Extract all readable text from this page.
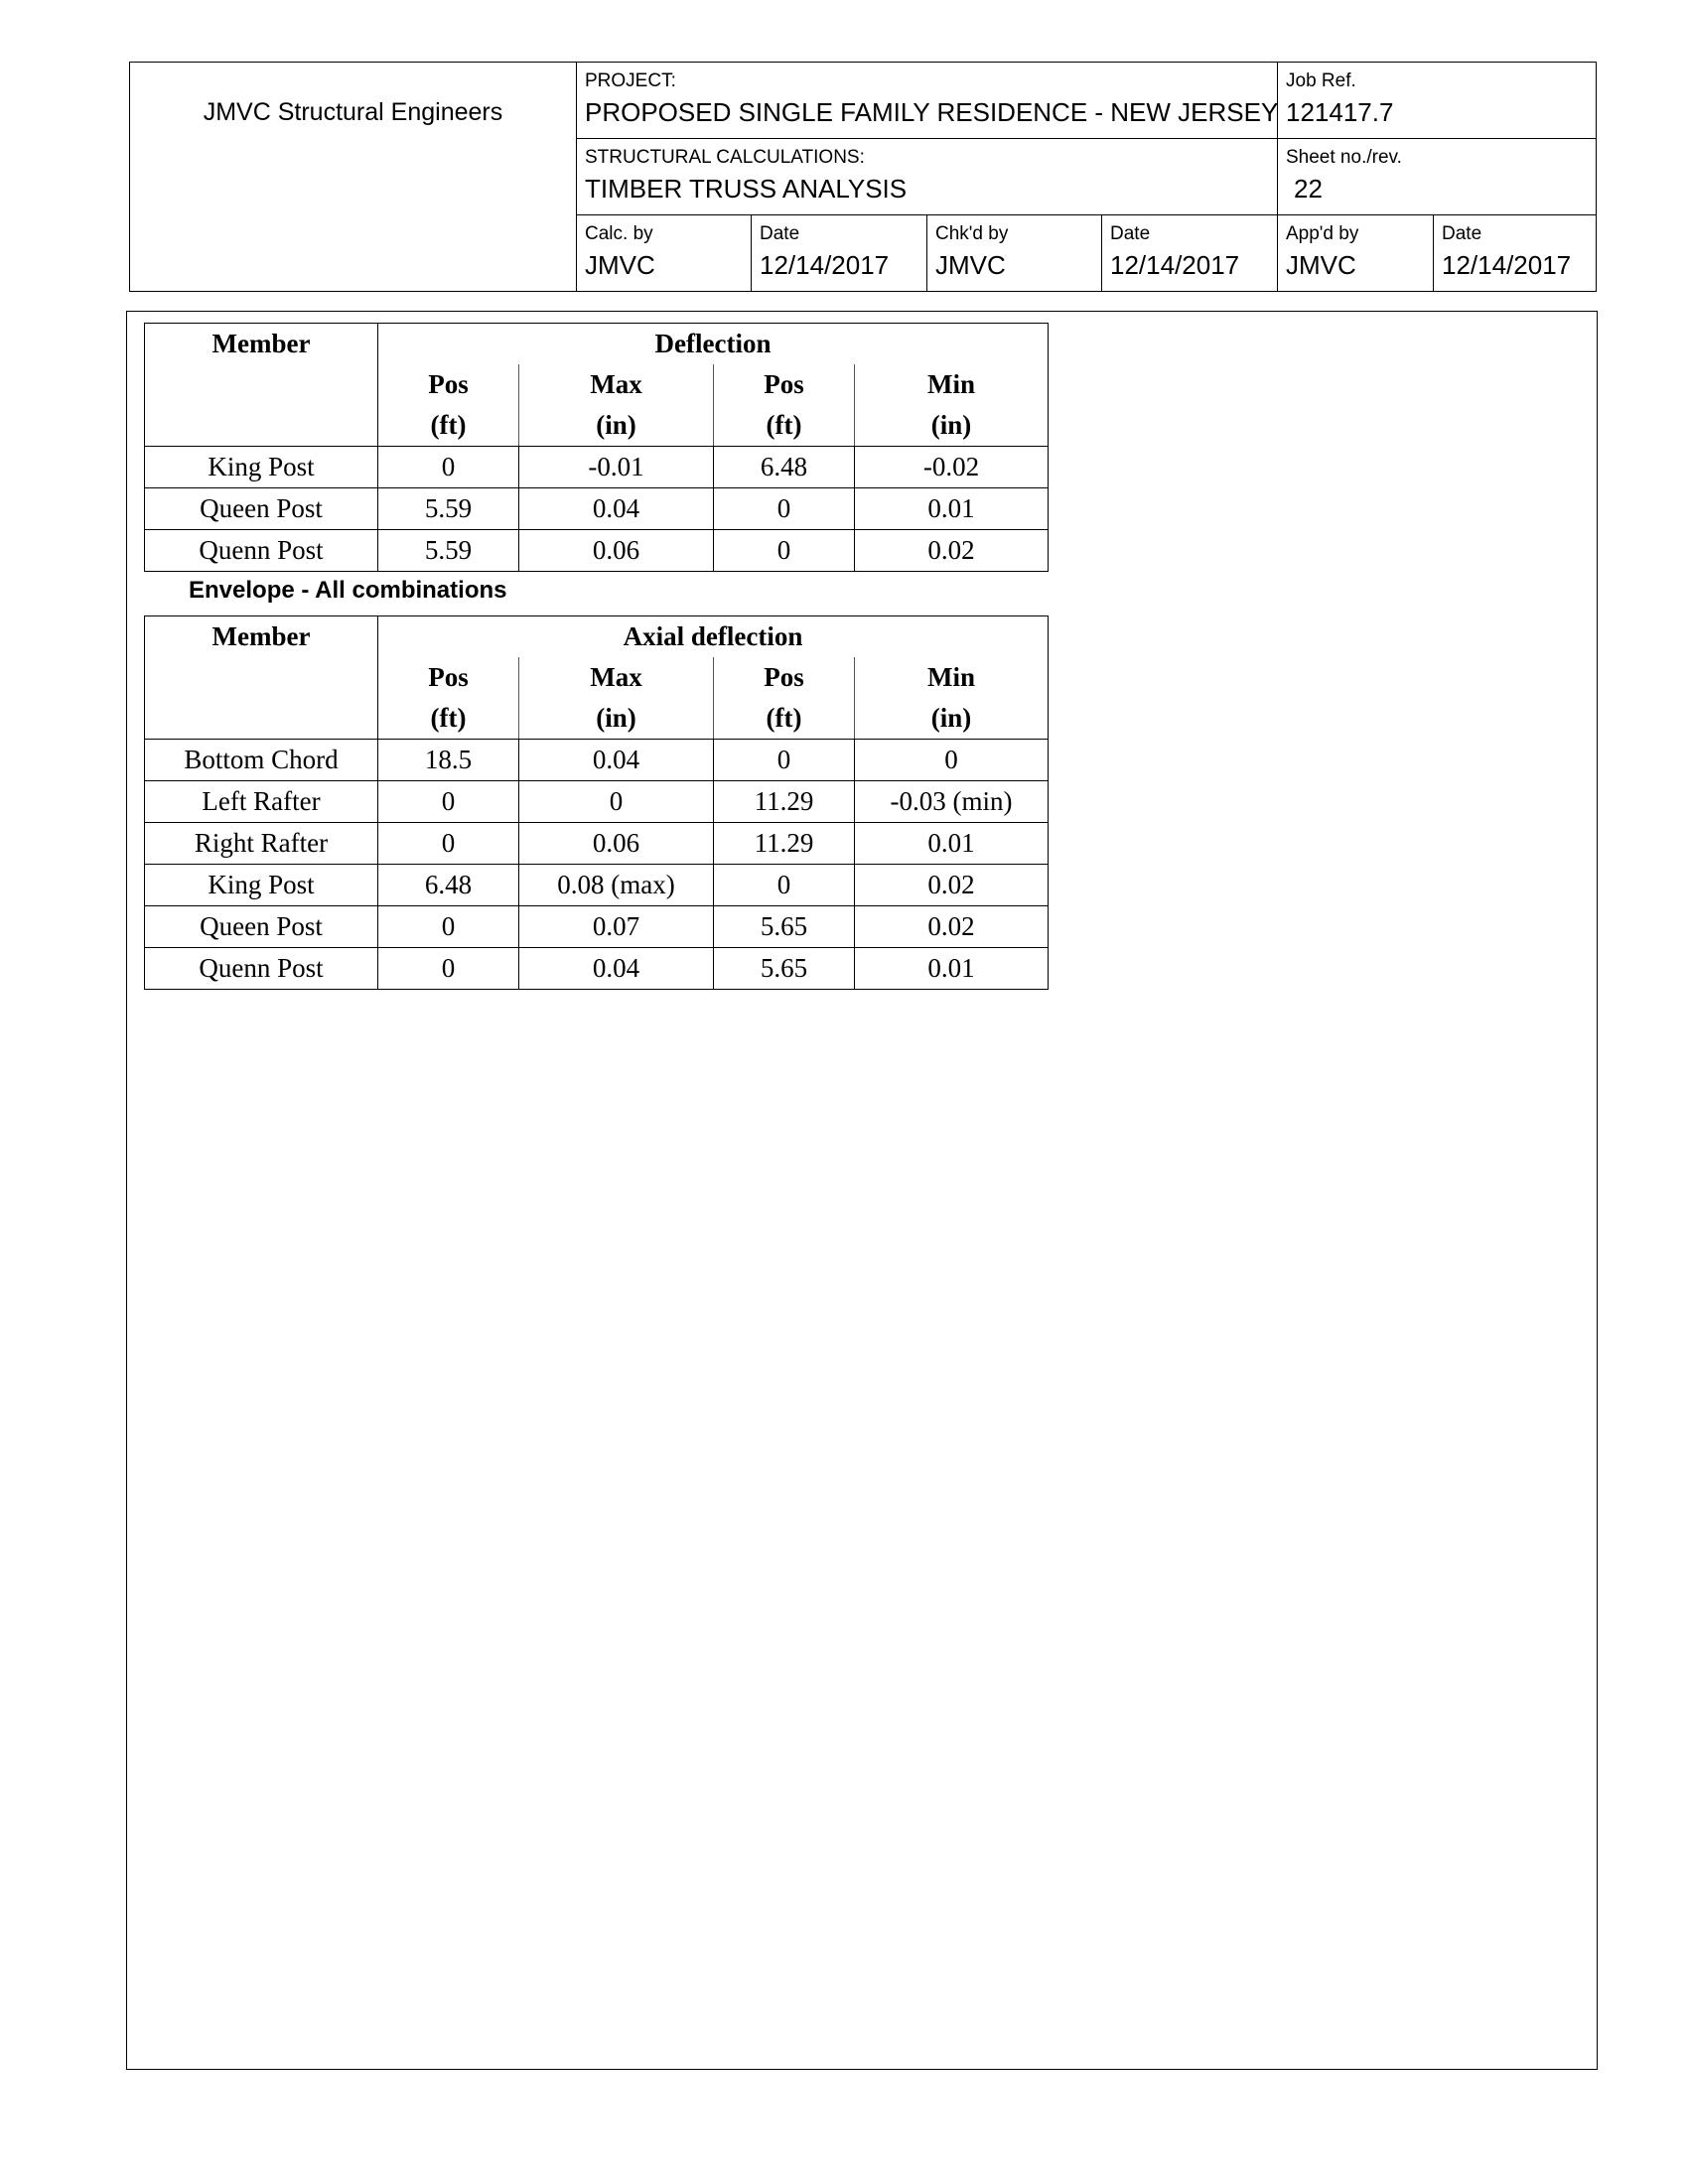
JMVC Structural Engineers
PROJECT:
PROPOSED SINGLE FAMILY RESIDENCE - NEW JERSEY
Job Ref.
121417.7
STRUCTURAL CALCULATIONS:
TIMBER TRUSS ANALYSIS
Sheet no./rev.
22
Calc. by
JMVC
Date
12/14/2017
Chk'd by
JMVC
Date
12/14/2017
App'd by
JMVC
Date
12/14/2017
Member	Deflection			
	Pos	Max	Pos	Min
	(ft)	(in)	(ft)	(in)
King Post	0	-0.01	6.48	-0.02
Queen Post	5.59	0.04	0	0.01
Quenn Post	5.59	0.06	0	0.02
Envelope - All combinations
Member	Axial deflection			
	Pos	Max	Pos	Min
	(ft)	(in)	(ft)	(in)
Bottom Chord	18.5	0.04	0	0
Left Rafter	0	0	11.29	-0.03 (min)
Right Rafter	0	0.06	11.29	0.01
King Post	6.48	0.08 (max)	0	0.02
Queen Post	0	0.07	5.65	0.02
Quenn Post	0	0.04	5.65	0.01
